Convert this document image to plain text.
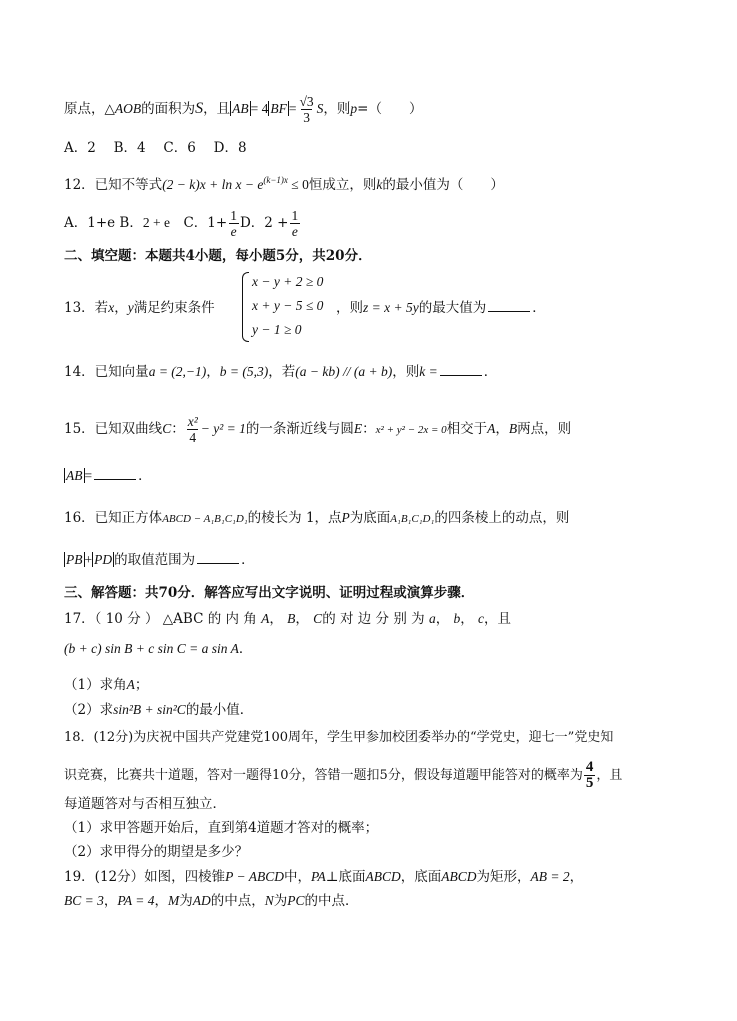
原点，△AOB的面积为S，且 AB = 4 BF = $\frac{√3}{3}$ S，则p=（　　）
A．2　 B．4　 C．6　 D．8
12．已知不等式$(2 - k)x + \ln x - e^{(k-1)x} \le 0$恒成立，则k的最小值为（　　）
A．1+e B．2 + e　C．$1+ \frac{1}{e}$ D．$2 + \frac{1}{e}$
二、填空题：本题共4小题，每小题5分，共20分．
13．若x，y满足约束条件
x − y + 2 ≥ 0
x + y − 5 ≤ 0
y − 1 ≥ 0
，则z = x + 5y的最大值为	．
14．已知向量a = (2,−1)，b = (5,3)，若(a − kb) // (a + b)，则k =	．
15．已知双曲线C： $\frac{\text{x²}}{4} - y^2 = 1$的一条渐近线与圆E：x² + y² − 2x = 0相交于A，B两点，则
AB =	．
16．已知正方体ABCD − A₁B₁C₁D₁的棱长为 1，点P为底面A₁B₁C₁D₁的四条棱上的动点，则
PB + PD 的取值范围为	．
三、解答题：共70分．解答应写出文字说明、证明过程或演算步骤．
17．（ 10 分 ） △ABC 的 内 角 A， B， C的 对 边 分 别 为 a， b， c，且
(b + c) sin B + c sin C = a sin A．
（1）求角A；
（2）求sin²B + sin²C的最小值．
18．(12分)为庆祝中国共产党建党100周年，学生甲参加校团委举办的“学党史，迎七一”党史知
识竞赛，比赛共十道题，答对一题得10分，答错一题扣5分，假设每道题甲能答对的概率为 $\frac{4}{5}$ ，且
每道题答对与否相互独立．
（1）求甲答题开始后，直到第4道题才答对的概率；
（2）求甲得分的期望是多少？
19．(12分）如图，四棱锥P − ABCD中，PA⊥底面ABCD，底面ABCD为矩形，AB = 2，
BC = 3，PA = 4，M为AD的中点，N为PC的中点．
